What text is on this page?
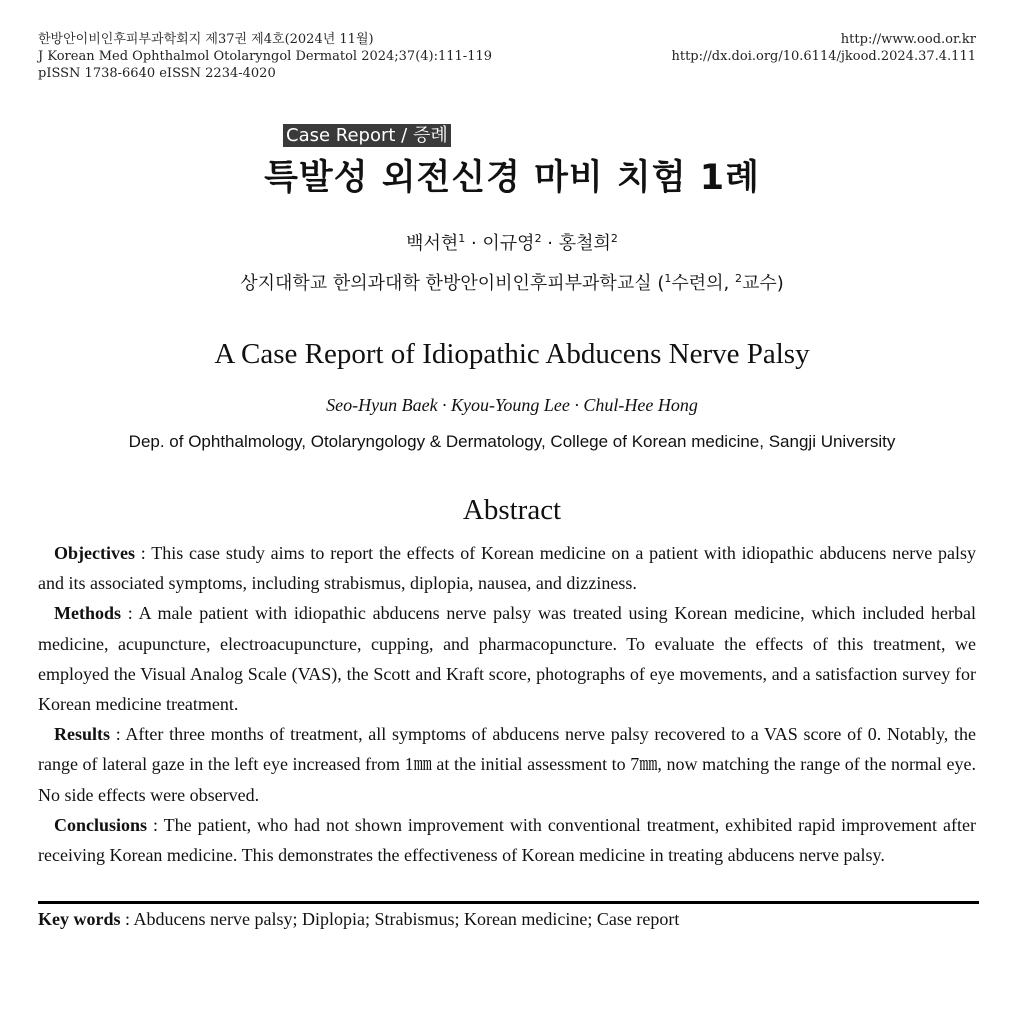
한방안이비인후피부과학회지 제37권 제4호(2024년 11월)
J Korean Med Ophthalmol Otolaryngol Dermatol 2024;37(4):111-119
pISSN 1738-6640 eISSN 2234-4020
http://www.ood.or.kr
http://dx.doi.org/10.6114/jkood.2024.37.4.111
Case Report / 증례
특발성 외전신경 마비 치험 1례
백서현$^1$ · 이규영$^2$ · 홍철희$^2$
상지대학교 한의과대학 한방안이비인후피부과학교실 ($^1$수련의, $^2$교수)
A Case Report of Idiopathic Abducens Nerve Palsy
Seo-Hyun Baek · Kyou-Young Lee · Chul-Hee Hong
Dep. of Ophthalmology, Otolaryngology & Dermatology, College of Korean medicine, Sangji University
Abstract

Objectives : This case study aims to report the effects of Korean medicine on a patient with idiopathic abducens nerve palsy and its associated symptoms, including strabismus, diplopia, nausea, and dizziness.

Methods : A male patient with idiopathic abducens nerve palsy was treated using Korean medicine, which included herbal medicine, acupuncture, electroacupuncture, cupping, and pharmacopuncture. To evaluate the effects of this treatment, we employed the Visual Analog Scale (VAS), the Scott and Kraft score, photographs of eye movements, and a satisfaction survey for Korean medicine treatment.

Results : After three months of treatment, all symptoms of abducens nerve palsy recovered to a VAS score of 0. Notably, the range of lateral gaze in the left eye increased from 1㎜ at the initial assessment to 7㎜, now matching the range of the normal eye. No side effects were observed.

Conclusions : The patient, who had not shown improvement with conventional treatment, exhibited rapid improvement after receiving Korean medicine. This demonstrates the effectiveness of Korean medicine in treating abducens nerve palsy.

Key words : Abducens nerve palsy; Diplopia; Strabismus; Korean medicine; Case report
